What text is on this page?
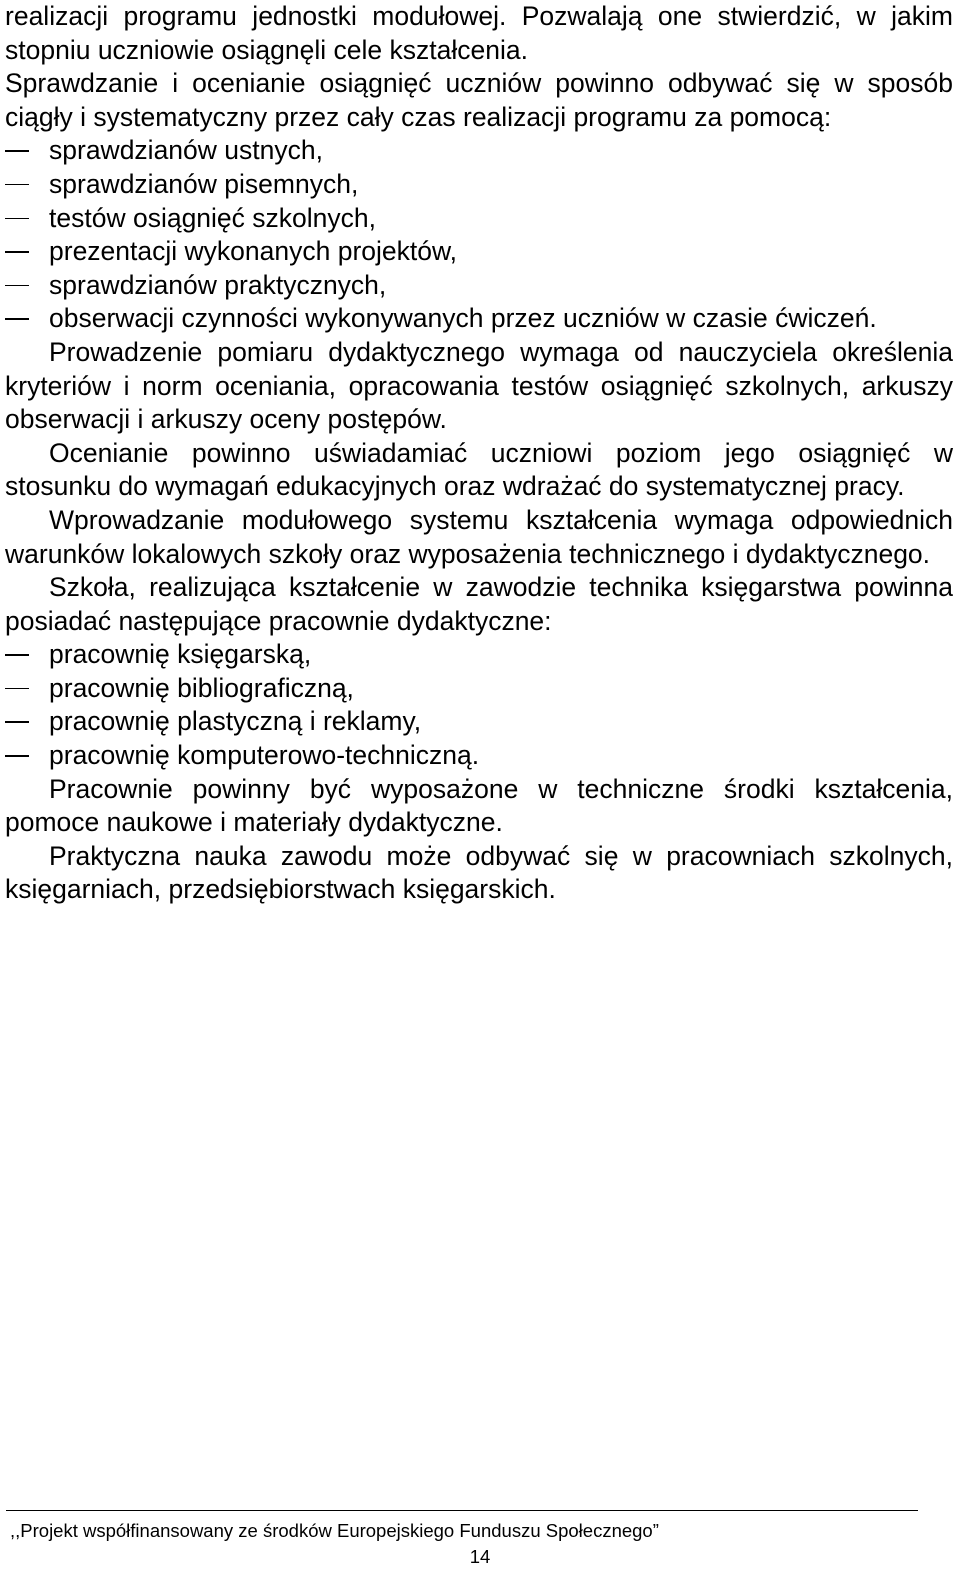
realizacji programu jednostki modułowej. Pozwalają one stwierdzić, w jakim stopniu uczniowie osiągnęli cele kształcenia.

Sprawdzanie i ocenianie osiągnięć uczniów powinno odbywać się w sposób ciągły i systematyczny przez cały czas realizacji programu za pomocą:

sprawdzianów ustnych,
sprawdzianów pisemnych,
testów osiągnięć szkolnych,
prezentacji wykonanych projektów,
sprawdzianów praktycznych,
obserwacji czynności wykonywanych przez uczniów w czasie ćwiczeń.

Prowadzenie pomiaru dydaktycznego wymaga od nauczyciela określenia kryteriów i norm oceniania, opracowania testów osiągnięć szkolnych, arkuszy obserwacji i arkuszy oceny postępów.

Ocenianie powinno uświadamiać uczniowi poziom jego osiągnięć w stosunku do wymagań edukacyjnych oraz wdrażać do systematycznej pracy.

Wprowadzanie modułowego systemu kształcenia wymaga odpowiednich warunków lokalowych szkoły oraz wyposażenia technicznego i dydaktycznego.

Szkoła, realizująca kształcenie w zawodzie technika księgarstwa powinna posiadać następujące pracownie dydaktyczne:

pracownię księgarską,
pracownię bibliograficzną,
pracownię plastyczną i reklamy,
pracownię komputerowo-techniczną.

Pracownie powinny być wyposażone w techniczne środki kształcenia, pomoce naukowe i materiały dydaktyczne.

Praktyczna nauka zawodu może odbywać się w pracowniach szkolnych, księgarniach, przedsiębiorstwach księgarskich.

,,Projekt współfinansowany ze środków Europejskiego Funduszu Społecznego”
14
